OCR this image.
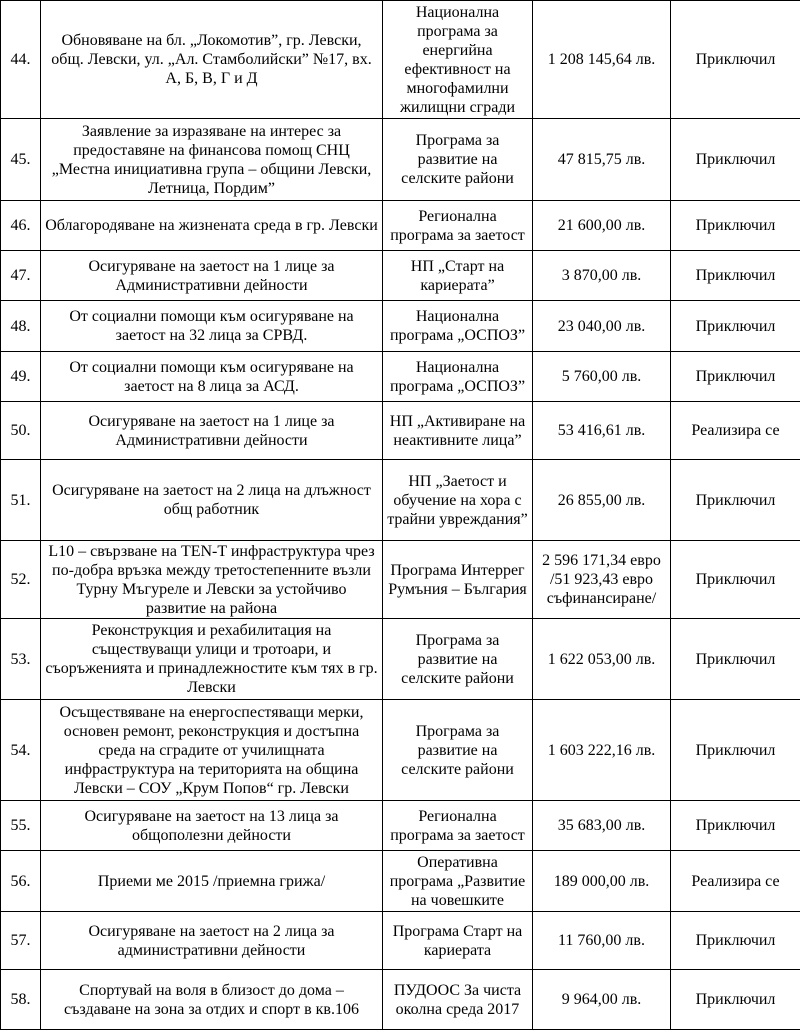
44.	Обновяване на бл. „Локомотив”, гр. Левски, общ. Левски, ул. „Ал. Стамболийски” №17, вх. А, Б, В, Г и Д	Национална програма за енергийна ефективност на многофамилни жилищни сгради	1 208 145,64 лв.	Приключил
45.	Заявление за изразяване на интерес за предоставяне на финансова помощ СНЦ „Местна инициативна група – общини Левски, Летница, Пордим”	Програма за развитие на селските райони	47 815,75 лв.	Приключил
46.	Облагородяване на жизнената среда в гр. Левски	Регионална програма за заетост	21 600,00 лв.	Приключил
47.	Осигуряване на заетост на 1 лице за Административни дейности	НП „Старт на кариерата”	3 870,00 лв.	Приключил
48.	От социални помощи към осигуряване на заетост на 32 лица за СРВД.	Национална програма „ОСПОЗ”	23 040,00 лв.	Приключил
49.	От социални помощи към осигуряване на заетост на 8 лица за АСД.	Национална програма „ОСПОЗ”	5 760,00 лв.	Приключил
50.	Осигуряване на заетост на 1 лице за Административни дейности	НП „Активиране на неактивните лица”	53 416,61 лв.	Реализира се
51.	Осигуряване на заетост на 2 лица на длъжност общ работник	НП „Заетост и обучение на хора с трайни увреждания”	26 855,00 лв.	Приключил
52.	L10 – свързване на TEN-T инфраструктура чрез по-добра връзка между третостепенните възли Турну Мъгуреле и Левски за устойчиво развитие на района	Програма Интеррег Румъния – България	2 596 171,34 евро /51 923,43 евро съфинансиране/	Приключил
53.	Реконструкция и рехабилитация на съществуващи улици и тротоари, и съоръженията и принадлежностите към тях в гр. Левски	Програма за развитие на селските райони	1 622 053,00 лв.	Приключил
54.	Осъществяване на енергоспестяващи мерки, основен ремонт, реконструкция и достъпна среда на сградите от училищната инфраструктура на територията на община Левски – СОУ „Крум Попов“ гр. Левски	Програма за развитие на селските райони	1 603 222,16 лв.	Приключил
55.	Осигуряване на заетост на 13 лица за общополезни дейности	Регионална програма за заетост	35 683,00 лв.	Приключил
56.	Приеми ме 2015 /приемна грижа/	Оперативна програма „Развитие на човешките	189 000,00 лв.	Реализира се
57.	Осигуряване на заетост на 2 лица за административни дейности	Програма Старт на кариерата	11 760,00 лв.	Приключил
58.	Спортувай на воля в близост до дома – създаване на зона за отдих и спорт в кв.106	ПУДООС За чиста околна среда 2017	9 964,00 лв.	Приключил
